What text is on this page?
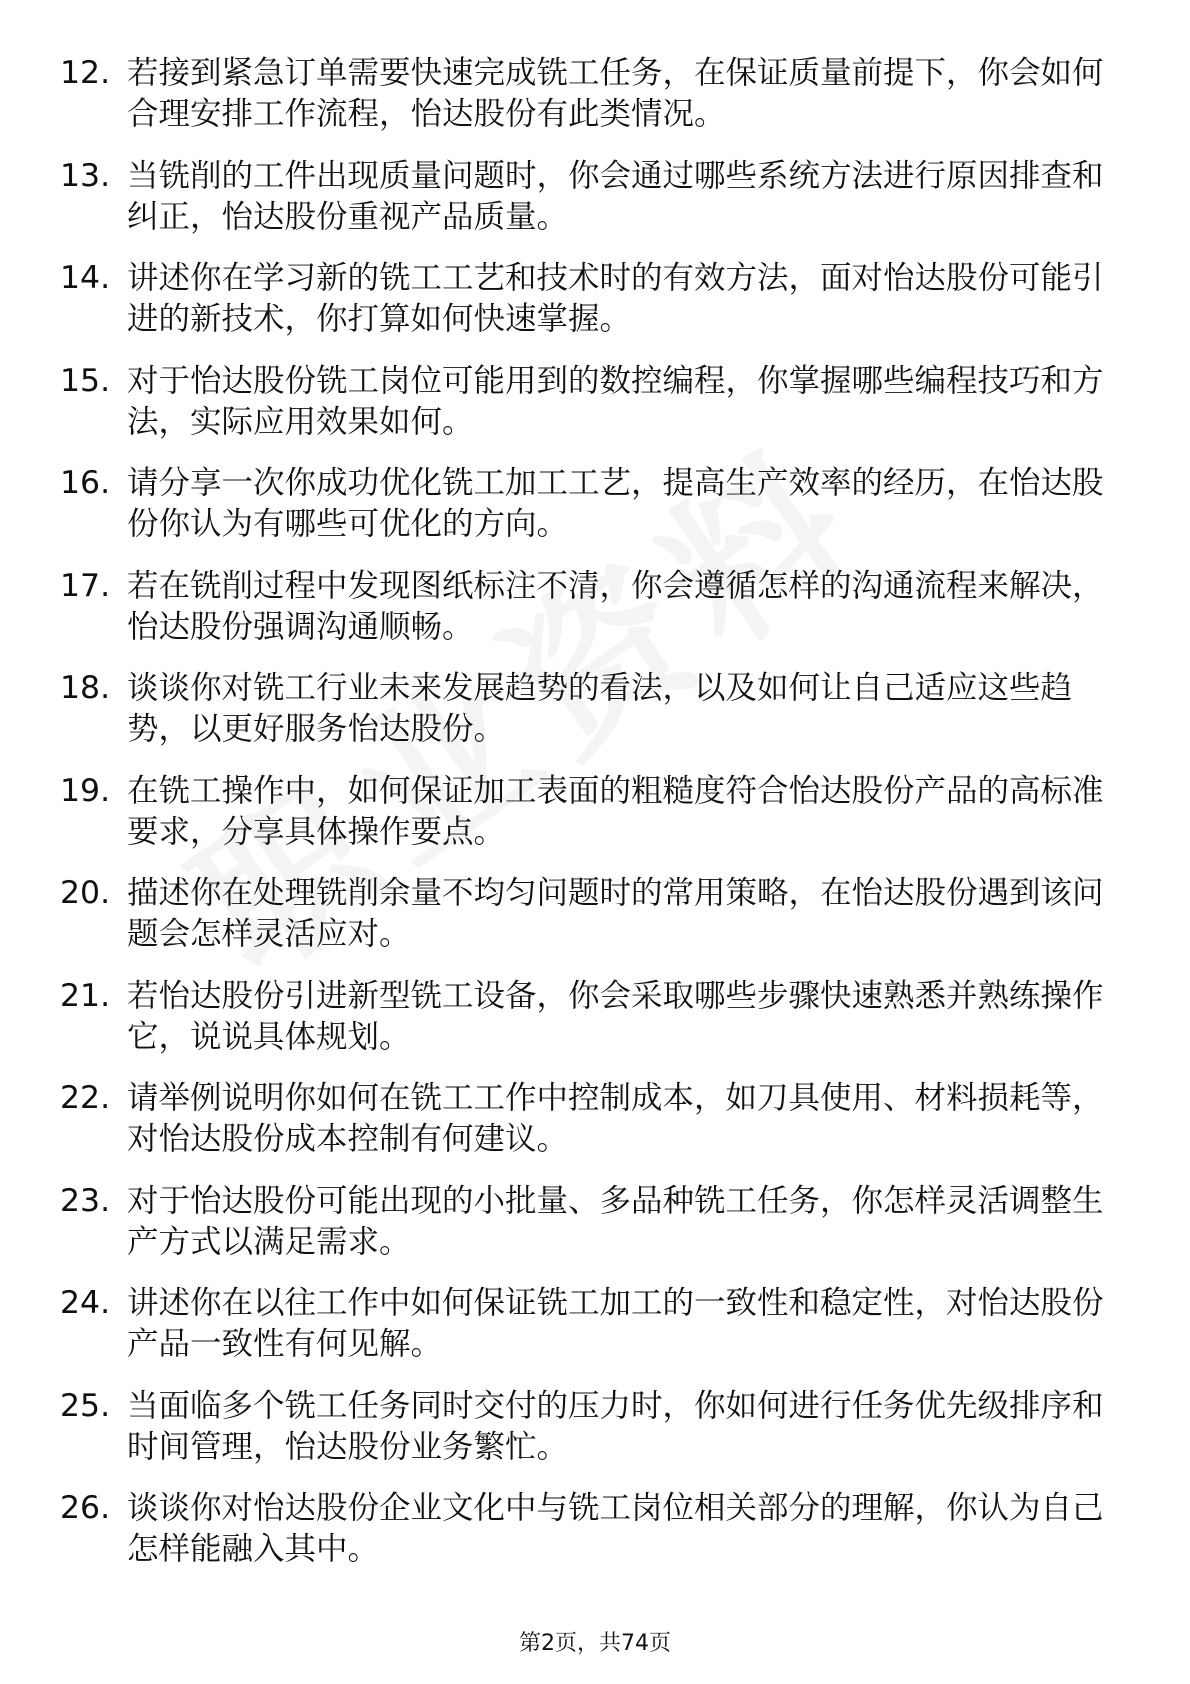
12. 若接到紧急订单需要快速完成铣工任务，在保证质量前提下，你会如何合理安排工作流程，怡达股份有此类情况。
13. 当铣削的工件出现质量问题时，你会通过哪些系统方法进行原因排查和纠正，怡达股份重视产品质量。
14. 讲述你在学习新的铣工工艺和技术时的有效方法，面对怡达股份可能引进的新技术，你打算如何快速掌握。
15. 对于怡达股份铣工岗位可能用到的数控编程，你掌握哪些编程技巧和方法，实际应用效果如何。
16. 请分享一次你成功优化铣工加工工艺，提高生产效率的经历，在怡达股份你认为有哪些可优化的方向。
17. 若在铣削过程中发现图纸标注不清，你会遵循怎样的沟通流程来解决，怡达股份强调沟通顺畅。
18. 谈谈你对铣工行业未来发展趋势的看法，以及如何让自己适应这些趋势，以更好服务怡达股份。
19. 在铣工操作中，如何保证加工表面的粗糙度符合怡达股份产品的高标准要求，分享具体操作要点。
20. 描述你在处理铣削余量不均匀问题时的常用策略，在怡达股份遇到该问题会怎样灵活应对。
21. 若怡达股份引进新型铣工设备，你会采取哪些步骤快速熟悉并熟练操作它，说说具体规划。
22. 请举例说明你如何在铣工工作中控制成本，如刀具使用、材料损耗等，对怡达股份成本控制有何建议。
23. 对于怡达股份可能出现的小批量、多品种铣工任务，你怎样灵活调整生产方式以满足需求。
24. 讲述你在以往工作中如何保证铣工加工的一致性和稳定性，对怡达股份产品一致性有何见解。
25. 当面临多个铣工任务同时交付的压力时，你如何进行任务优先级排序和时间管理，怡达股份业务繁忙。
26. 谈谈你对怡达股份企业文化中与铣工岗位相关部分的理解，你认为自己怎样能融入其中。
第2页，共74页
